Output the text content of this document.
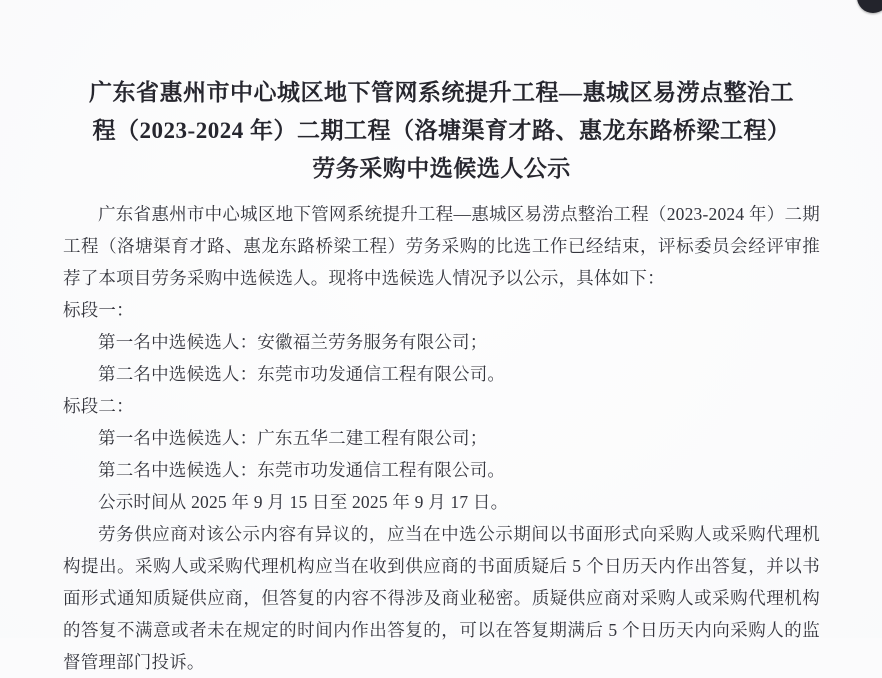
广东省惠州市中心城区地下管网系统提升工程—惠城区易涝点整治工
程（2023-2024 年）二期工程（洛塘渠育才路、惠龙东路桥梁工程）
劳务采购中选候选人公示

广东省惠州市中心城区地下管网系统提升工程—惠城区易涝点整治工程（2023-2024 年）二期工程（洛塘渠育才路、惠龙东路桥梁工程）劳务采购的比选工作已经结束，评标委员会经评审推荐了本项目劳务采购中选候选人。现将中选候选人情况予以公示，具体如下：

标段一：
第一名中选候选人：安徽福兰劳务服务有限公司；
第二名中选候选人：东莞市功发通信工程有限公司。
标段二：
第一名中选候选人：广东五华二建工程有限公司；
第二名中选候选人：东莞市功发通信工程有限公司。
公示时间从 2025 年 9 月 15 日至 2025 年 9 月 17 日。

劳务供应商对该公示内容有异议的，应当在中选公示期间以书面形式向采购人或采购代理机构提出。采购人或采购代理机构应当在收到供应商的书面质疑后 5 个日历天内作出答复，并以书面形式通知质疑供应商，但答复的内容不得涉及商业秘密。质疑供应商对采购人或采购代理机构的答复不满意或者未在规定的时间内作出答复的，可以在答复期满后 5 个日历天内向采购人的监督管理部门投诉。
